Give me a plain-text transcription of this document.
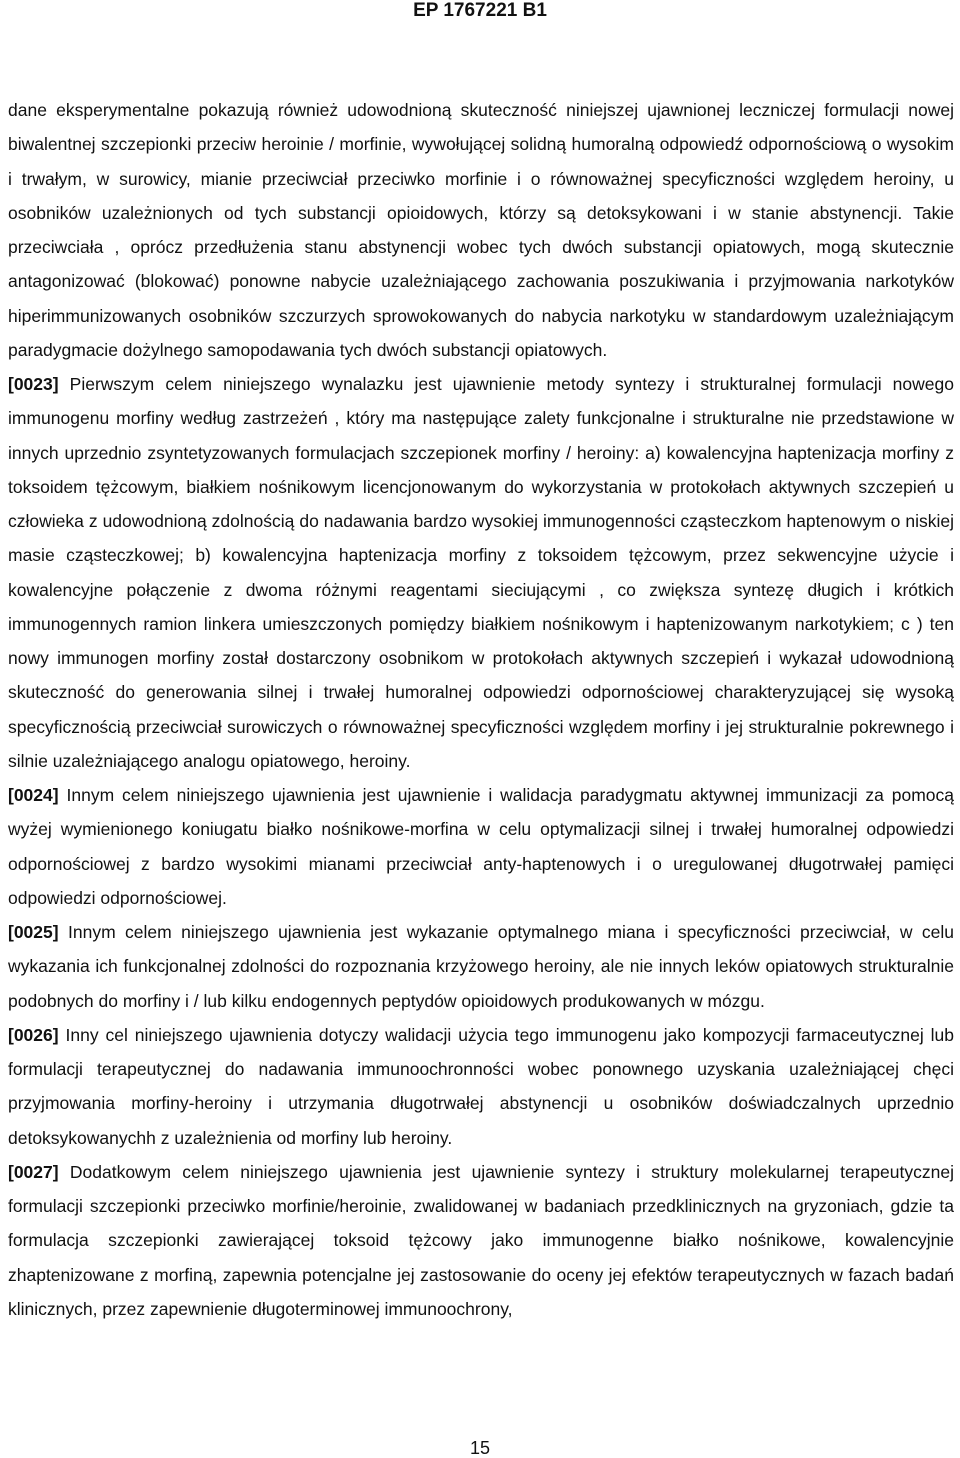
EP 1767221 B1

dane eksperymentalne pokazują również udowodnioną skuteczność niniejszej ujawnionej leczniczej formulacji nowej biwalentnej szczepionki przeciw heroinie / morfinie, wywołującej solidną humoralną odpowiedź odpornościową o wysokim i trwałym, w surowicy, mianie przeciwciał przeciwko morfinie i o równoważnej specyficzności względem heroiny, u osobników uzależnionych od tych substancji opioidowych, którzy są detoksykowani i w stanie abstynencji. Takie przeciwciała , oprócz przedłużenia stanu abstynencji wobec tych dwóch substancji opiatowych, mogą skutecznie antagonizować (blokować) ponowne nabycie uzależniającego zachowania poszukiwania i przyjmowania narkotyków hiperimmunizowanych osobników szczurzych sprowokowanych do nabycia narkotyku w standardowym uzależniającym paradygmacie dożylnego samopodawania tych dwóch substancji opiatowych.

[0023] Pierwszym celem niniejszego wynalazku jest ujawnienie metody syntezy i strukturalnej formulacji nowego immunogenu morfiny według zastrzeżeń , który ma następujące zalety funkcjonalne i strukturalne nie przedstawione w innych uprzednio zsyntetyzowanych formulacjach szczepionek morfiny / heroiny: a) kowalencyjna haptenizacja morfiny z toksoidem tężcowym, białkiem nośnikowym licencjonowanym do wykorzystania w protokołach aktywnych szczepień u człowieka z udowodnioną zdolnością do nadawania bardzo wysokiej immunogenności cząsteczkom haptenowym o niskiej masie cząsteczkowej; b) kowalencyjna haptenizacja morfiny z toksoidem tężcowym, przez sekwencyjne użycie i kowalencyjne połączenie z dwoma różnymi reagentami sieciującymi , co zwiększa syntezę długich i krótkich immunogennych ramion linkera umieszczonych pomiędzy białkiem nośnikowym i haptenizowanym narkotykiem; c ) ten nowy immunogen morfiny został dostarczony osobnikom w protokołach aktywnych szczepień i wykazał udowodnioną skuteczność do generowania silnej i trwałej humoralnej odpowiedzi odpornościowej charakteryzującej się wysoką specyficznością przeciwciał surowiczych o równoważnej specyficzności względem morfiny i jej strukturalnie pokrewnego i silnie uzależniającego analogu opiatowego, heroiny.

[0024] Innym celem niniejszego ujawnienia jest ujawnienie i walidacja paradygmatu aktywnej immunizacji za pomocą wyżej wymienionego koniugatu białko nośnikowe-morfina w celu optymalizacji silnej i trwałej humoralnej odpowiedzi odpornościowej z bardzo wysokimi mianami przeciwciał anty-haptenowych i o uregulowanej długotrwałej pamięci odpowiedzi odpornościowej.

[0025] Innym celem niniejszego ujawnienia jest wykazanie optymalnego miana i specyficzności przeciwciał, w celu wykazania ich funkcjonalnej zdolności do rozpoznania krzyżowego heroiny, ale nie innych leków opiatowych strukturalnie podobnych do morfiny i / lub kilku endogennych peptydów opioidowych produkowanych w mózgu.

[0026] Inny cel niniejszego ujawnienia dotyczy walidacji użycia tego immunogenu jako kompozycji farmaceutycznej lub formulacji terapeutycznej do nadawania immunoochronności wobec ponownego uzyskania uzależniającej chęci przyjmowania morfiny-heroiny i utrzymania długotrwałej abstynencji u osobników doświadczalnych uprzednio detoksykowanychh z uzależnienia od morfiny lub heroiny.

[0027] Dodatkowym celem niniejszego ujawnienia jest ujawnienie syntezy i struktury molekularnej terapeutycznej formulacji szczepionki przeciwko morfinie/heroinie, zwalidowanej w badaniach przedklinicznych na gryzoniach, gdzie ta formulacja szczepionki zawierającej toksoid tężcowy jako immunogenne białko nośnikowe, kowalencyjnie zhaptenizowane z morfiną, zapewnia potencjalne jej zastosowanie do oceny jej efektów terapeutycznych w fazach badań klinicznych, przez zapewnienie długoterminowej immunoochrony,

15
